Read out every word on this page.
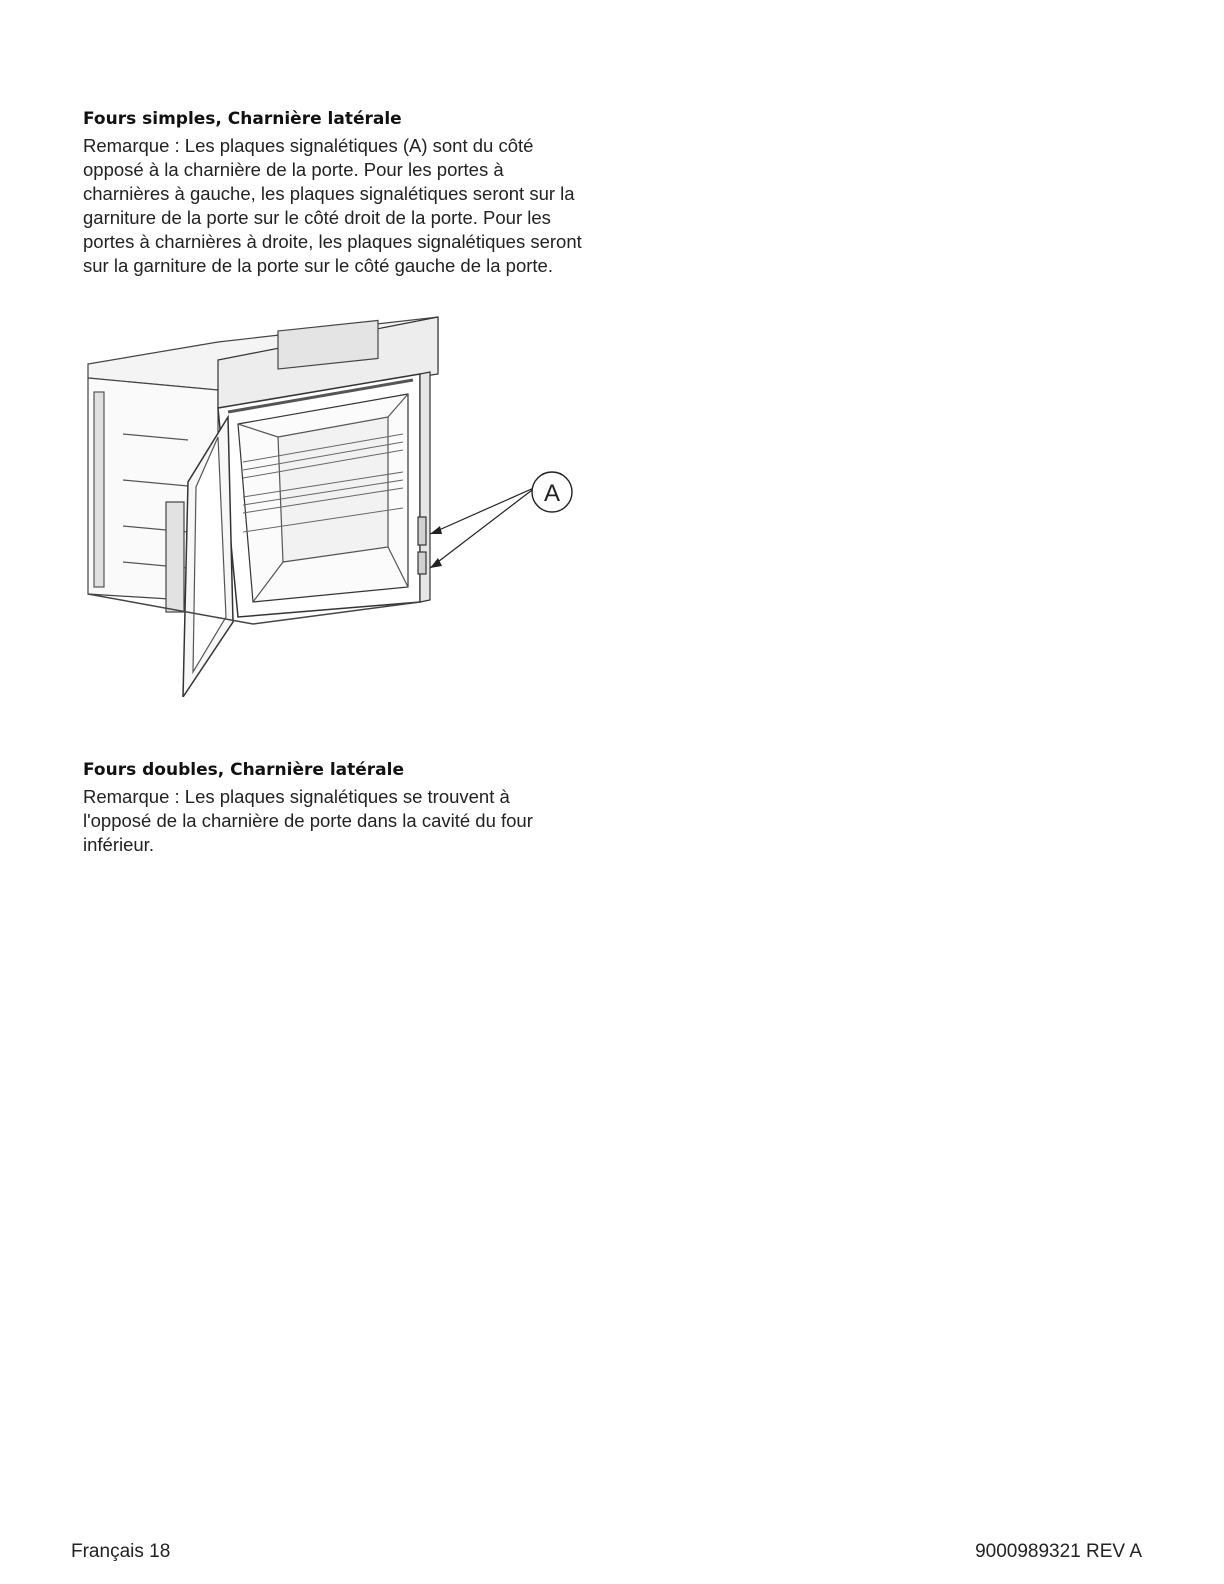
Fours simples, Charnière latérale

Remarque : Les plaques signalétiques (A) sont du côté opposé à la charnière de la porte. Pour les portes à charnières à gauche, les plaques signalétiques seront sur la garniture de la porte sur le côté droit de la porte. Pour les portes à charnières à droite, les plaques signalétiques seront sur la garniture de la porte sur le côté gauche de la porte.

A
Fours doubles, Charnière latérale

Remarque : Les plaques signalétiques se trouvent à l'opposé de la charnière de porte dans la cavité du four inférieur.

Français 18	9000989321 REV A
